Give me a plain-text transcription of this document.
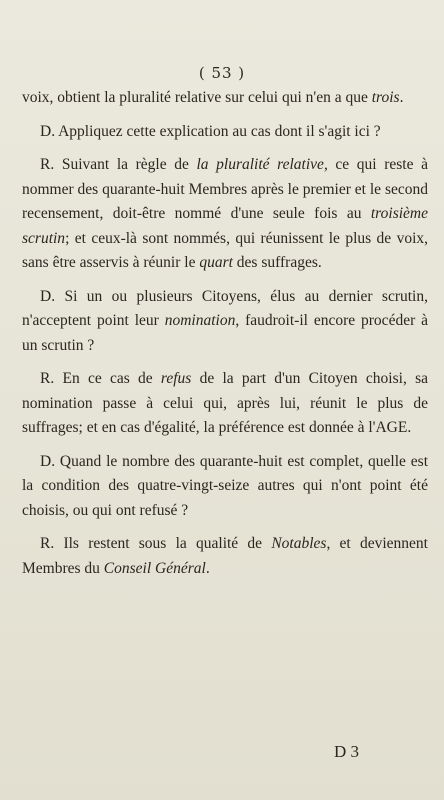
( 53 )

voix, obtient la pluralité relative sur celui qui n'en a que trois.

D. Appliquez cette explication au cas dont il s'agit ici ?

R. Suivant la règle de la pluralité relative, ce qui reste à nommer des quarante-huit Membres après le premier et le second recensement, doit-être nommé d'une seule fois au troisième scrutin; et ceux-là sont nommés, qui réunissent le plus de voix, sans être asservis à réunir le quart des suffrages.

D. Si un ou plusieurs Citoyens, élus au dernier scrutin, n'acceptent point leur nomination, faudroit-il encore procéder à un scrutin ?

R. En ce cas de refus de la part d'un Citoyen choisi, sa nomination passe à celui qui, après lui, réunit le plus de suffrages; et en cas d'égalité, la préférence est donnée à l'AGE.

D. Quand le nombre des quarante-huit est complet, quelle est la condition des quatre-vingt-seize autres qui n'ont point été choisis, ou qui ont refusé ?

R. Ils restent sous la qualité de Notables, et deviennent Membres du Conseil Général.

D 3
